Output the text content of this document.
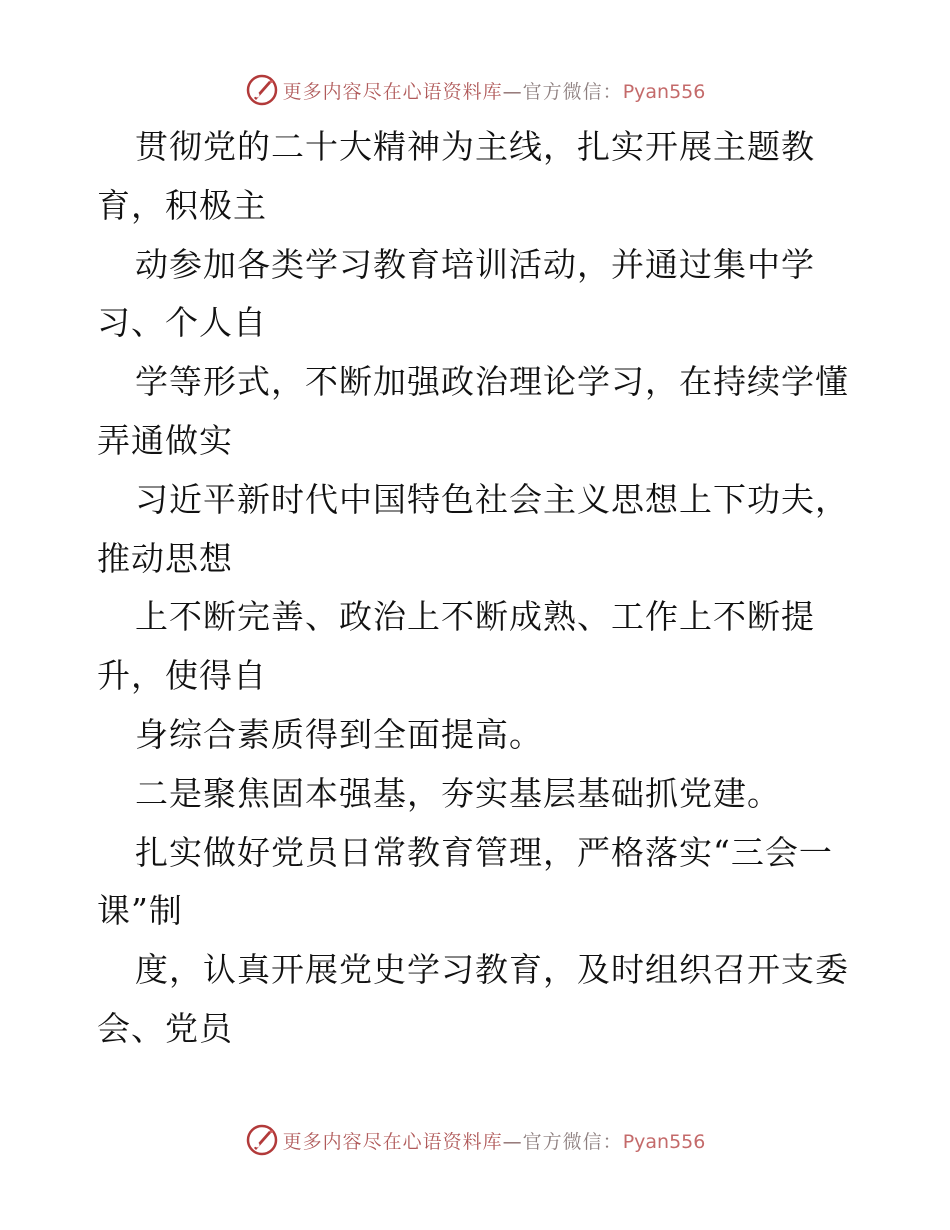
更多内容尽在心语资料库—官方微信：Pyan556
贯彻党的二十大精神为主线，扎实开展主题教
育，积极主
动参加各类学习教育培训活动，并通过集中学
习、个人自
学等形式，不断加强政治理论学习，在持续学懂
弄通做实
习近平新时代中国特色社会主义思想上下功夫，
推动思想
上不断完善、政治上不断成熟、工作上不断提
升，使得自
身综合素质得到全面提高。
二是聚焦固本强基，夯实基层基础抓党建。
扎实做好党员日常教育管理，严格落实“三会一
课”制
度，认真开展党史学习教育，及时组织召开支委
会、党员
更多内容尽在心语资料库—官方微信：Pyan556
